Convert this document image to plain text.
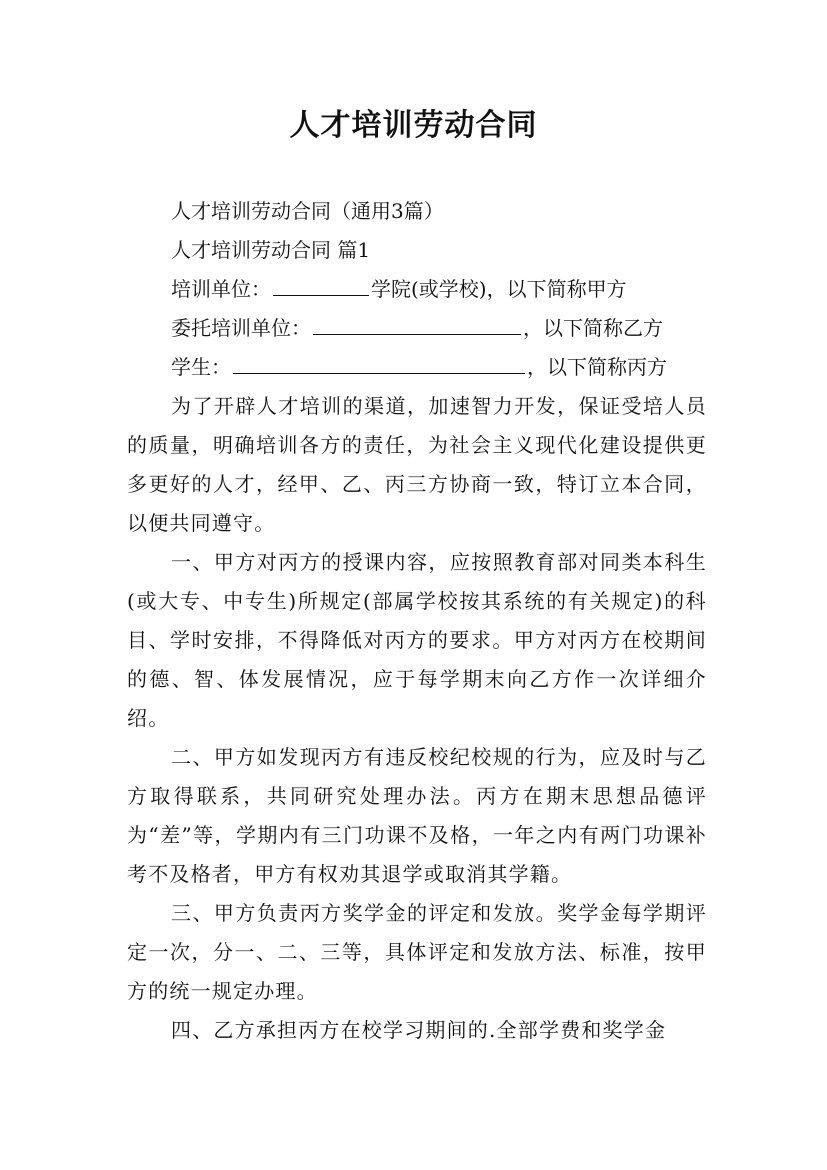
人才培训劳动合同
人才培训劳动合同（通用3篇）
人才培训劳动合同 篇1
培训单位：	学院(或学校)，以下简称甲方
委托培训单位：	，以下简称乙方
学生：	，以下简称丙方

为了开辟人才培训的渠道，加速智力开发，保证受培人员的质量，明确培训各方的责任，为社会主义现代化建设提供更多更好的人才，经甲、乙、丙三方协商一致，特订立本合同，以便共同遵守。

一、甲方对丙方的授课内容，应按照教育部对同类本科生(或大专、中专生)所规定(部属学校按其系统的有关规定)的科目、学时安排，不得降低对丙方的要求。甲方对丙方在校期间的德、智、体发展情况，应于每学期末向乙方作一次详细介绍。

二、甲方如发现丙方有违反校纪校规的行为，应及时与乙方取得联系，共同研究处理办法。丙方在期末思想品德评为“差”等，学期内有三门功课不及格，一年之内有两门功课补考不及格者，甲方有权劝其退学或取消其学籍。

三、甲方负责丙方奖学金的评定和发放。奖学金每学期评定一次，分一、二、三等，具体评定和发放方法、标准，按甲方的统一规定办理。

四、乙方承担丙方在校学习期间的.全部学费和奖学金
